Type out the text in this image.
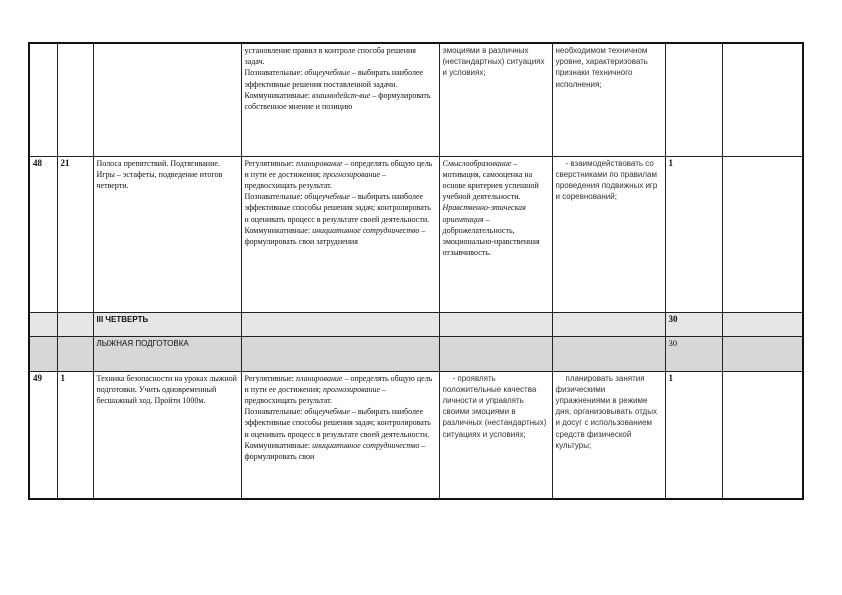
			установление правил в контроле способа решения задач.
Познавательные: общеучебные – выбирать наиболее эффективные решения поставленной задачи.
Коммуникативные: взаимодейст-вие – формулировать собственное мнение и позицию	эмоциями в различных (нестандартных) ситуациях и условиях;	необходимом техничном уровне, характеризовать признаки техничного исполнения;		
48	21	Полоса препятствий. Подтягивание. Игры – эстафеты, подведение итогов четверти.	Регулятивные: планирование – определять общую цель и пути ее достижения; прогнозирование – предвосхищать результат.
Познавательные: общеучебные – выбирать наиболее эффективные способы решения задач; контролировать и оценивать процесс в результате своей деятельности.
Коммуникативные: инициативное сотрудничество – формулировать свои затруднения	Смыслообразование – мотивация, самооценка на основе критериев успешной учебной деятельности. Нравственно-этическая ориентация – доброжелательность, эмоционально-нравственная отзывчивость.	- взаимодействовать со сверстниками по правилам проведения подвижных игр и соревнований;	1	
		III ЧЕТВЕРТЬ				30	
		ЛЫЖНАЯ ПОДГОТОВКА				30	
49	1	Техника безопасности на уроках лыжной подготовки. Учить одновременный бесшажный ход. Пройти 1000м.	Регулятивные: планирование – определять общую цель и пути ее достижения; прогнозирование – предвосхищать результат.
Познавательные: общеучебные – выбирать наиболее эффективные способы решения задач; контролировать и оценивать процесс в результате своей деятельности.
Коммуникативные: инициативное сотрудничество – формулировать свои	- проявлять положительные качества личности и управлять своими эмоциями в различных (нестандартных) ситуациях и условиях;	планировать занятия физическими упражнениями в режиме дня, организовывать отдых и досуг с использованием средств физической культуры;	1	
